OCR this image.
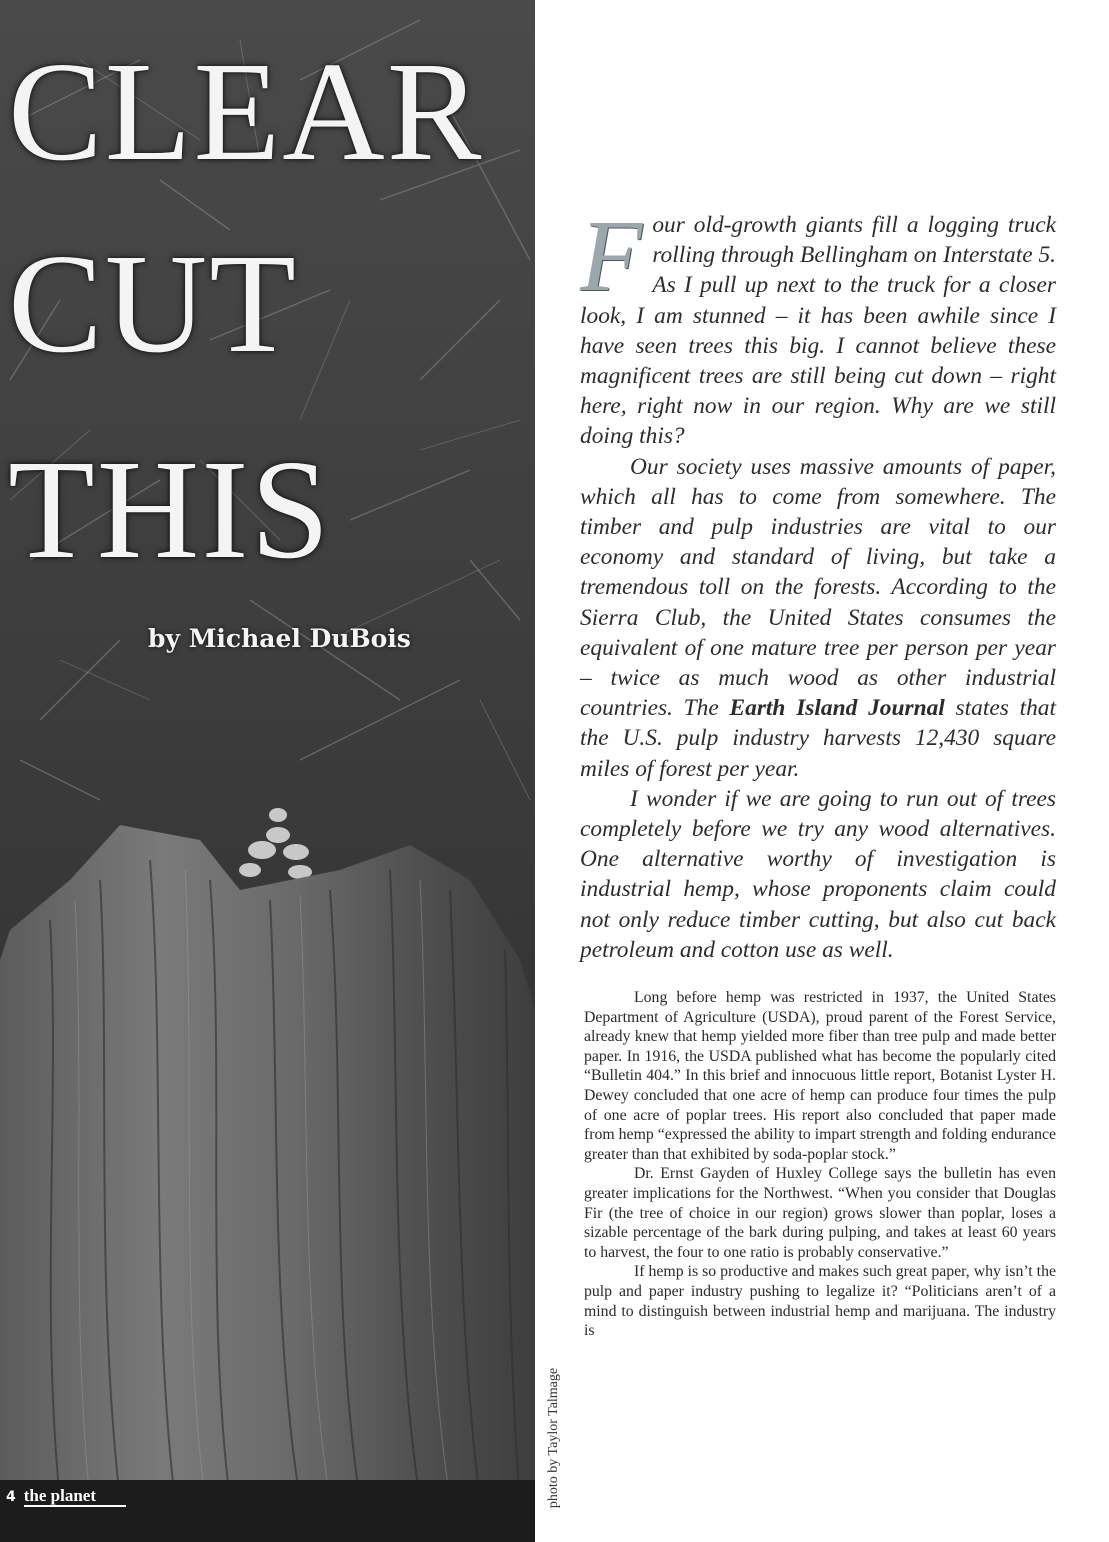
CLEAR
CUT
THIS
by Michael DuBois
4 the planet	photo by Taylor Talmage

Four old-growth giants fill a logging truck rolling through Bellingham on Interstate 5. As I pull up next to the truck for a closer look, I am stunned – it has been awhile since I have seen trees this big. I cannot believe these magnificent trees are still being cut down – right here, right now in our region. Why are we still doing this?

Our society uses massive amounts of paper, which all has to come from somewhere. The timber and pulp industries are vital to our economy and standard of living, but take a tremendous toll on the forests. According to the Sierra Club, the United States consumes the equivalent of one mature tree per person per year – twice as much wood as other industrial countries. The Earth Island Journal states that the U.S. pulp industry harvests 12,430 square miles of forest per year.

I wonder if we are going to run out of trees completely before we try any wood alternatives. One alternative worthy of investigation is industrial hemp, whose proponents claim could not only reduce timber cutting, but also cut back petroleum and cotton use as well.

Long before hemp was restricted in 1937, the United States Department of Agriculture (USDA), proud parent of the Forest Service, already knew that hemp yielded more fiber than tree pulp and made better paper. In 1916, the USDA published what has become the popularly cited “Bulletin 404.” In this brief and innocuous little report, Botanist Lyster H. Dewey concluded that one acre of hemp can produce four times the pulp of one acre of poplar trees. His report also concluded that paper made from hemp “expressed the ability to impart strength and folding endurance greater than that exhibited by soda-poplar stock.”

Dr. Ernst Gayden of Huxley College says the bulletin has even greater implications for the Northwest. “When you consider that Douglas Fir (the tree of choice in our region) grows slower than poplar, loses a sizable percentage of the bark during pulping, and takes at least 60 years to harvest, the four to one ratio is probably conservative.”

If hemp is so productive and makes such great paper, why isn’t the pulp and paper industry pushing to legalize it? “Politicians aren’t of a mind to distinguish between industrial hemp and marijuana. The industry is
